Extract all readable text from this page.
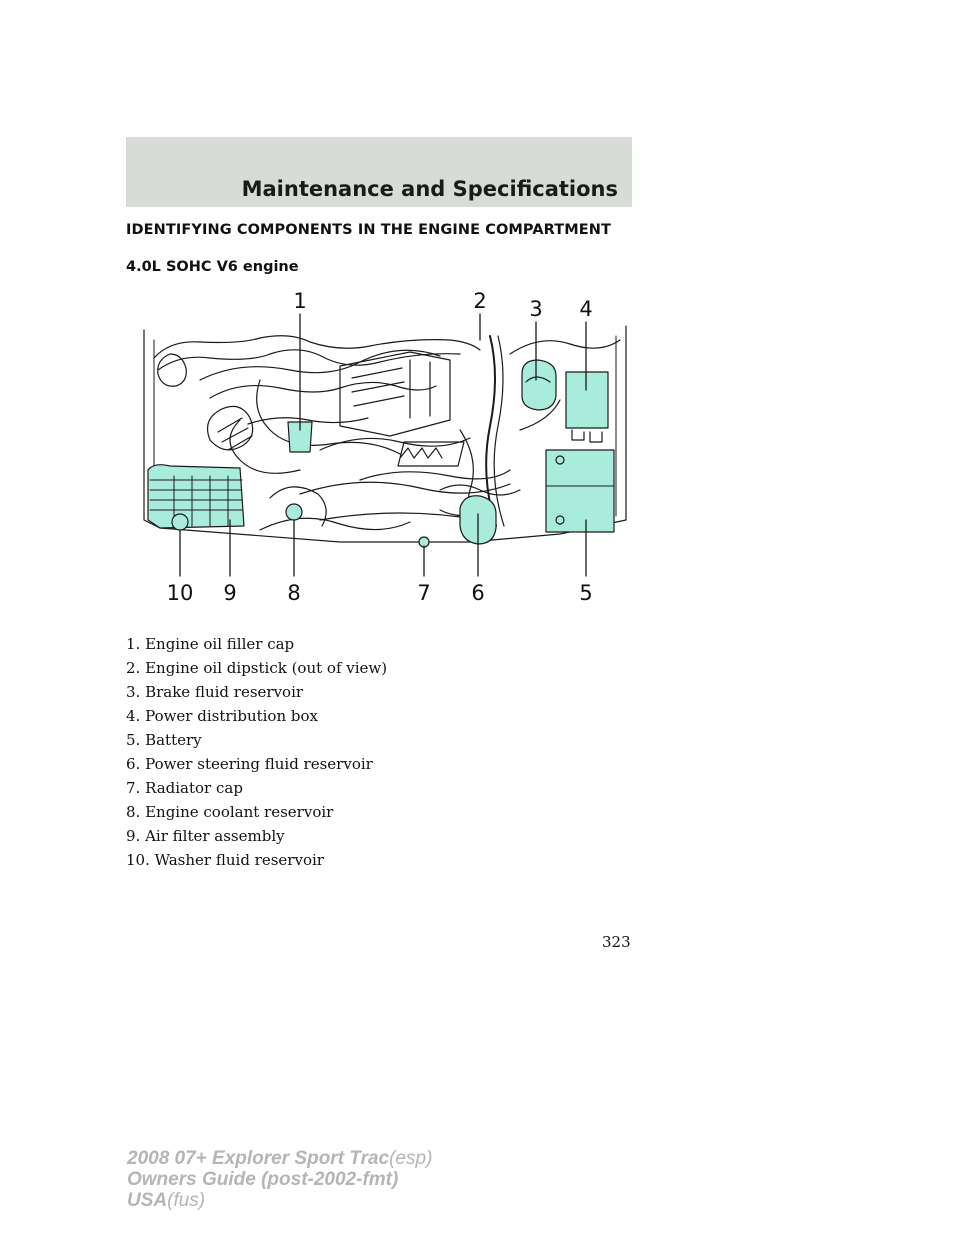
Maintenance and Specifications
IDENTIFYING COMPONENTS IN THE ENGINE COMPARTMENT
4.0L SOHC V6 engine
1	2 3 4
5
6
7
8
9
10
1. Engine oil filler cap
2. Engine oil dipstick (out of view)
3. Brake fluid reservoir
4. Power distribution box
5. Battery
6. Power steering fluid reservoir
7. Radiator cap
8. Engine coolant reservoir
9. Air filter assembly
10. Washer fluid reservoir
323
2008 07+ Explorer Sport Trac(esp)
Owners Guide (post-2002-fmt)
USA(fus)
